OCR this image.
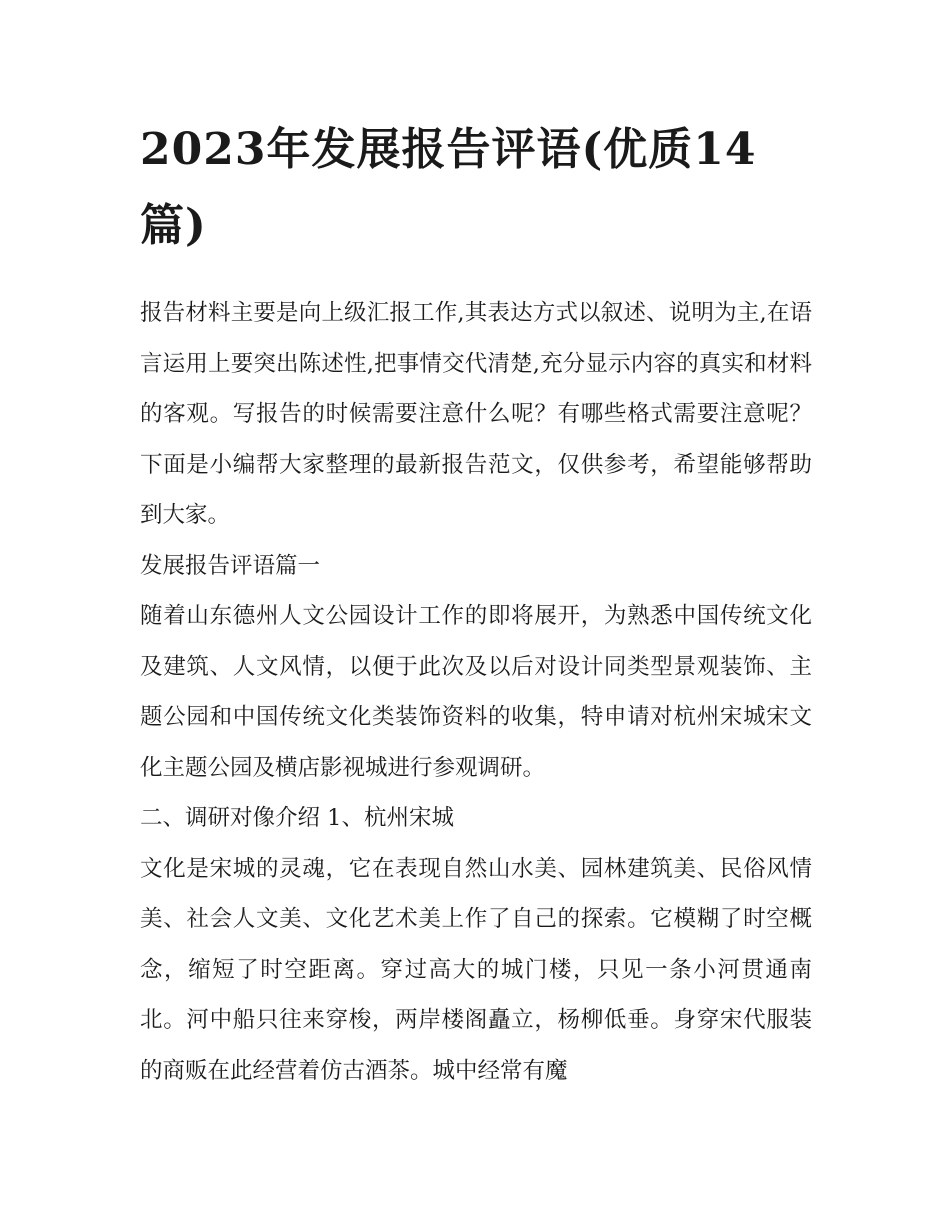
2023年发展报告评语(优质14篇)

报告材料主要是向上级汇报工作,其表达方式以叙述、说明为主,在语言运用上要突出陈述性,把事情交代清楚,充分显示内容的真实和材料的客观。写报告的时候需要注意什么呢？有哪些格式需要注意呢？下面是小编帮大家整理的最新报告范文，仅供参考，希望能够帮助到大家。

发展报告评语篇一

随着山东德州人文公园设计工作的即将展开，为熟悉中国传统文化及建筑、人文风情，以便于此次及以后对设计同类型景观装饰、主题公园和中国传统文化类装饰资料的收集，特申请对杭州宋城宋文化主题公园及横店影视城进行参观调研。

二、调研对像介绍 1、杭州宋城

文化是宋城的灵魂，它在表现自然山水美、园林建筑美、民俗风情美、社会人文美、文化艺术美上作了自己的探索。它模糊了时空概念，缩短了时空距离。穿过高大的城门楼，只见一条小河贯通南北。河中船只往来穿梭，两岸楼阁矗立，杨柳低垂。身穿宋代服装的商贩在此经营着仿古酒茶。城中经常有魔
